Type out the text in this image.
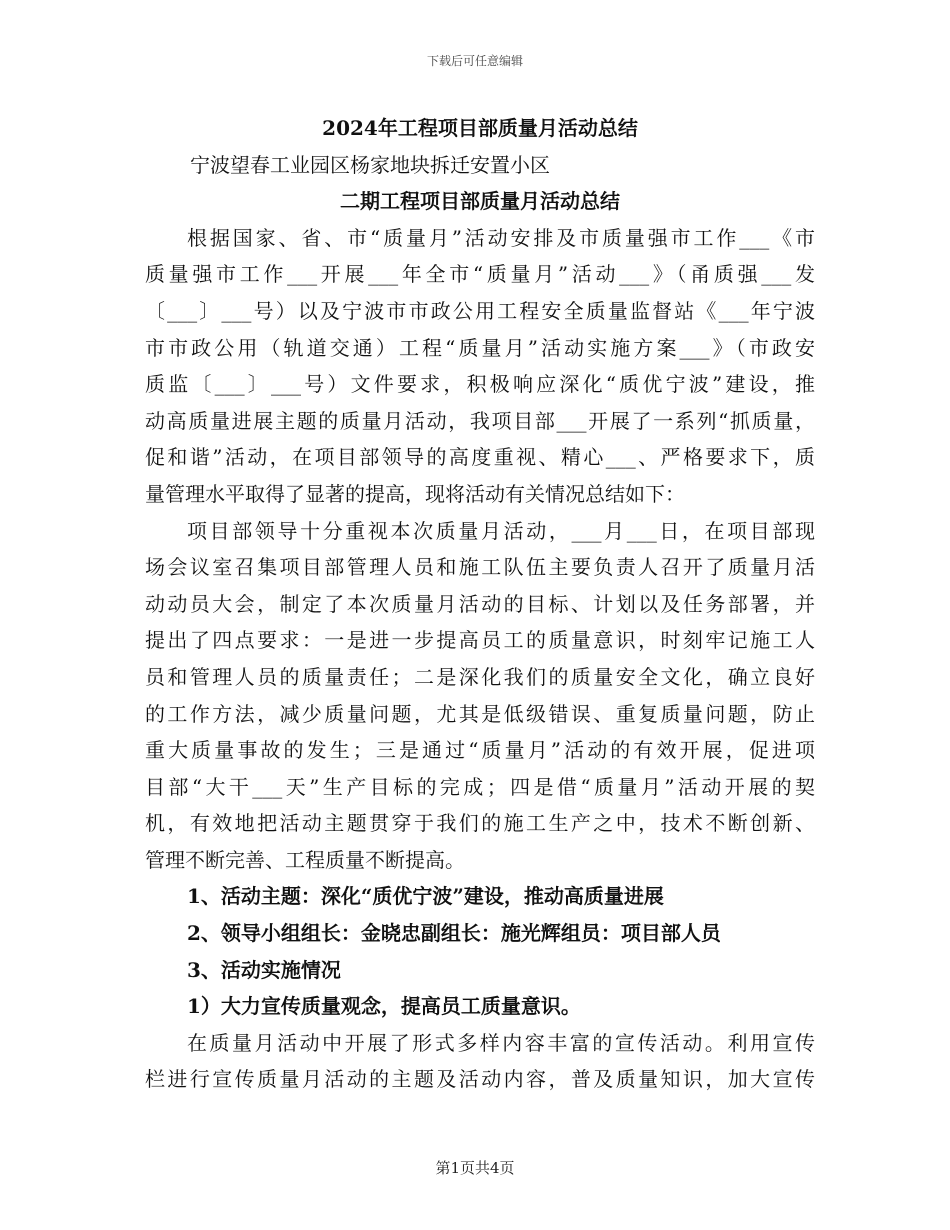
下载后可任意编辑
2024年工程项目部质量月活动总结
宁波望春工业园区杨家地块拆迁安置小区
二期工程项目部质量月活动总结
根据国家、省、市“质量月”活动安排及市质量强市工作___《市
质量强市工作___开展___年全市“质量月”活动___》（甬质强___发
〔___〕___号）以及宁波市市政公用工程安全质量监督站《___年宁波
市市政公用（轨道交通）工程“质量月”活动实施方案___》（市政安
质监〔___〕___号）文件要求，积极响应深化“质优宁波”建设，推
动高质量进展主题的质量月活动，我项目部___开展了一系列“抓质量，
促和谐”活动，在项目部领导的高度重视、精心___、严格要求下，质
量管理水平取得了显著的提高，现将活动有关情况总结如下：
项目部领导十分重视本次质量月活动，___月___日，在项目部现
场会议室召集项目部管理人员和施工队伍主要负责人召开了质量月活
动动员大会，制定了本次质量月活动的目标、计划以及任务部署，并
提出了四点要求：一是进一步提高员工的质量意识，时刻牢记施工人
员和管理人员的质量责任；二是深化我们的质量安全文化，确立良好
的工作方法，减少质量问题，尤其是低级错误、重复质量问题，防止
重大质量事故的发生；三是通过“质量月”活动的有效开展，促进项
目部“大干___天”生产目标的完成；四是借“质量月”活动开展的契
机，有效地把活动主题贯穿于我们的施工生产之中，技术不断创新、
管理不断完善、工程质量不断提高。
1、活动主题：深化“质优宁波”建设，推动高质量进展
2、领导小组组长：金晓忠副组长：施光辉组员：项目部人员
3、活动实施情况
1）大力宣传质量观念，提高员工质量意识。
在质量月活动中开展了形式多样内容丰富的宣传活动。利用宣传
栏进行宣传质量月活动的主题及活动内容，普及质量知识，加大宣传
第1页共4页
